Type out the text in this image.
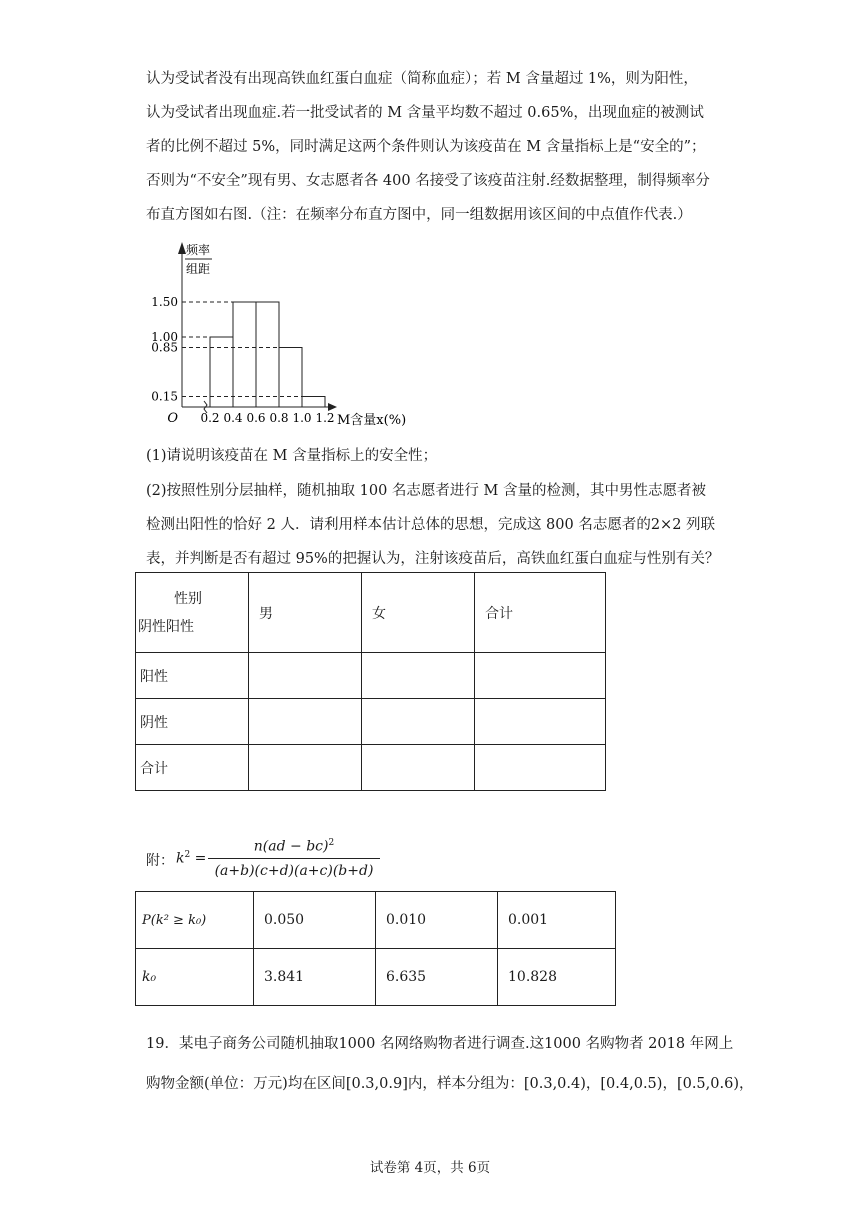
认为受试者没有出现高铁血红蛋白血症（简称血症）；若 M 含量超过 1%，则为阳性，
认为受试者出现血症.若一批受试者的 M 含量平均数不超过 0.65%，出现血症的被测试
者的比例不超过 5%，同时满足这两个条件则认为该疫苗在 M 含量指标上是“安全的”；
否则为“不安全”现有男、女志愿者各 400 名接受了该疫苗注射.经数据整理，制得频率分
布直方图如右图.（注：在频率分布直方图中，同一组数据用该区间的中点值作代表.）
1.50
1.00
0.85
0.15
0.2 0.4 0.6 0.8 1.0 1.2
O	M含量x(%)
频率
组距
(1)请说明该疫苗在 M 含量指标上的安全性；
(2)按照性别分层抽样，随机抽取 100 名志愿者进行 M 含量的检测，其中男性志愿者被
检测出阳性的恰好 2 人．请利用样本估计总体的思想，完成这 800 名志愿者的2×2 列联
表，并判断是否有超过 95%的把握认为，注射该疫苗后，高铁血红蛋白血症与性别有关？
性别
阴性阳性	男	女	合计
阳性			
阴性			
合计			
附： $k^2 = \frac{n(ad - bc)^2}{(a+b)(c+d)(a+c)(b+d)}$
P(k² ≥ k₀)	0.050	0.010	0.001
k₀	3.841	6.635	10.828
19．某电子商务公司随机抽取1000 名网络购物者进行调查.这1000 名购物者 2018 年网上
购物金额(单位：万元)均在区间[0.3,0.9]内，样本分组为：[0.3,0.4)，[0.4,0.5)，[0.5,0.6)，
试卷第 4页，共 6页
